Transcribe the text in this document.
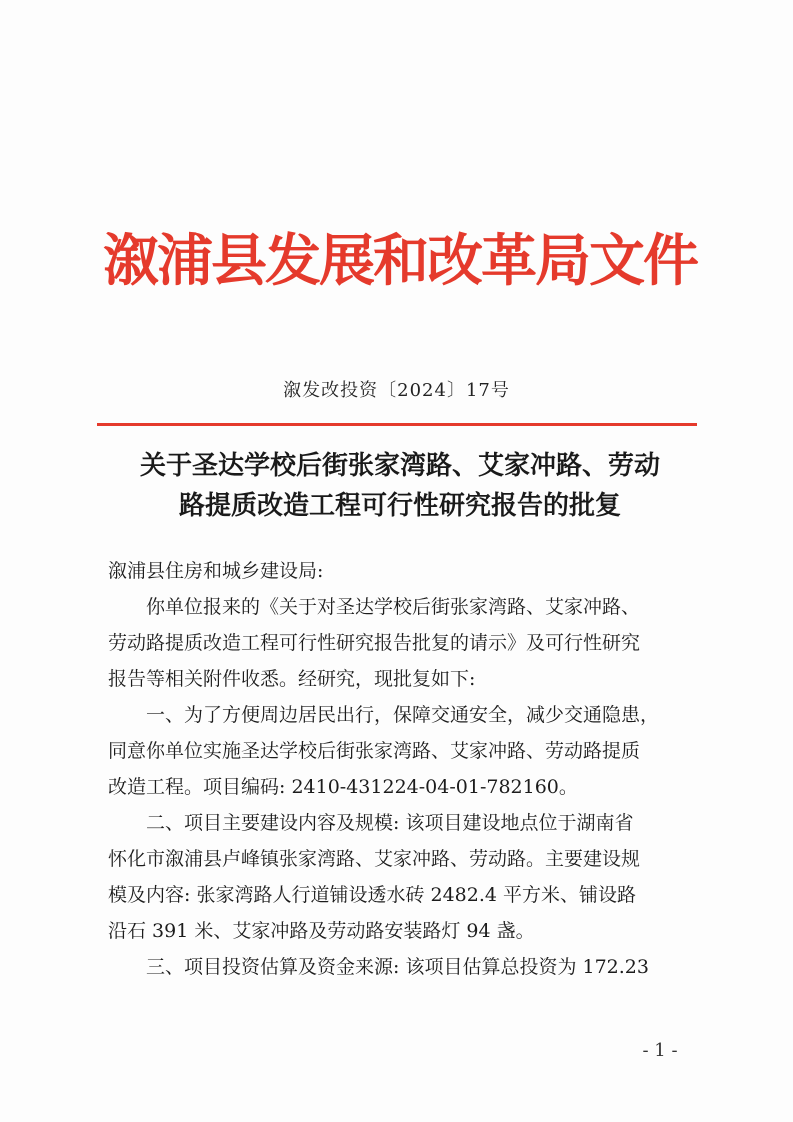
溆浦县发展和改革局文件
溆发改投资〔2024〕17号
关于圣达学校后街张家湾路、艾家冲路、劳动
路提质改造工程可行性研究报告的批复
溆浦县住房和城乡建设局:
你单位报来的《关于对圣达学校后街张家湾路、艾家冲路、
劳动路提质改造工程可行性研究报告批复的请示》及可行性研究
报告等相关附件收悉。经研究，现批复如下:
一、为了方便周边居民出行，保障交通安全，减少交通隐患，
同意你单位实施圣达学校后街张家湾路、艾家冲路、劳动路提质
改造工程。项目编码: 2410-431224-04-01-782160。
二、项目主要建设内容及规模: 该项目建设地点位于湖南省
怀化市溆浦县卢峰镇张家湾路、艾家冲路、劳动路。主要建设规
模及内容: 张家湾路人行道铺设透水砖 2482.4 平方米、铺设路
沿石 391 米、艾家冲路及劳动路安装路灯 94 盏。
三、项目投资估算及资金来源: 该项目估算总投资为 172.23
- 1 -
